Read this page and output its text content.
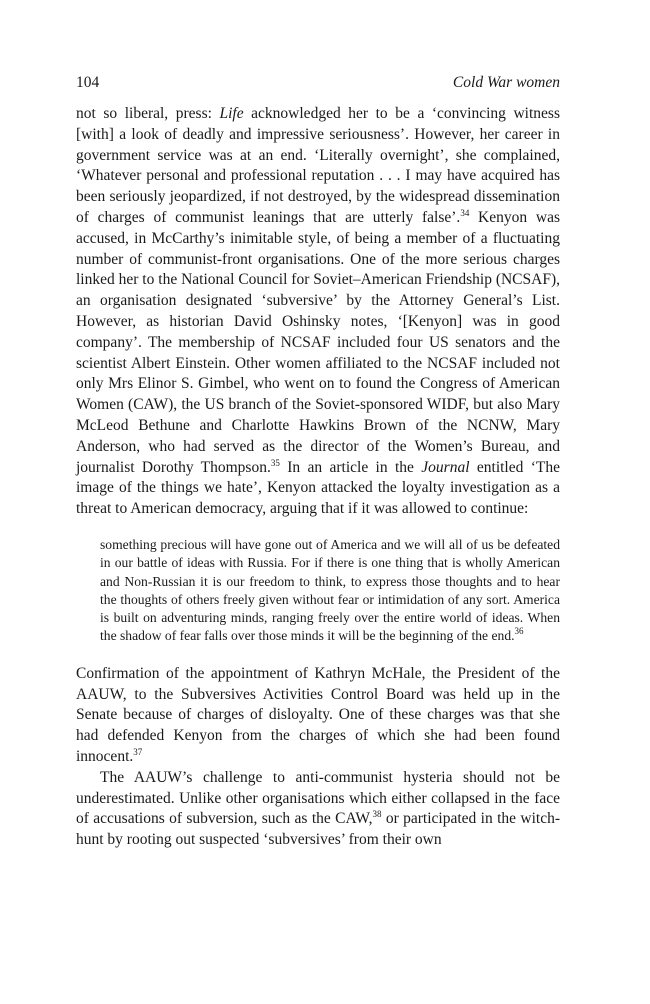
104	Cold War women

not so liberal, press: Life acknowledged her to be a ‘convincing witness [with] a look of deadly and impressive seriousness’. However, her career in government service was at an end. ‘Literally overnight’, she complained, ‘Whatever personal and professional reputation . . . I may have acquired has been seriously jeopardized, if not destroyed, by the widespread dissemination of charges of communist leanings that are utterly false’.$^{34}$ Kenyon was accused, in McCarthy’s inimitable style, of being a member of a fluctuating number of communist-front organisations. One of the more serious charges linked her to the National Council for Soviet–American Friendship (NCSAF), an organisation designated ‘subversive’ by the Attorney General’s List. However, as historian David Oshinsky notes, ‘[Kenyon] was in good company’. The membership of NCSAF included four US senators and the scientist Albert Einstein. Other women affiliated to the NCSAF included not only Mrs Elinor S. Gimbel, who went on to found the Congress of American Women (CAW), the US branch of the Soviet-sponsored WIDF, but also Mary McLeod Bethune and Charlotte Hawkins Brown of the NCNW, Mary Anderson, who had served as the director of the Women’s Bureau, and journalist Dorothy Thompson.$^{35}$ In an article in the Journal entitled ‘The image of the things we hate’, Kenyon attacked the loyalty investigation as a threat to American democracy, arguing that if it was allowed to continue:

something precious will have gone out of America and we will all of us be defeated in our battle of ideas with Russia. For if there is one thing that is wholly American and Non-Russian it is our freedom to think, to express those thoughts and to hear the thoughts of others freely given without fear or intimidation of any sort. America is built on adventuring minds, ranging freely over the entire world of ideas. When the shadow of fear falls over those minds it will be the beginning of the end.$^{36}$

Confirmation of the appointment of Kathryn McHale, the President of the AAUW, to the Subversives Activities Control Board was held up in the Senate because of charges of disloyalty. One of these charges was that she had defended Kenyon from the charges of which she had been found innocent.$^{37}$

The AAUW’s challenge to anti-communist hysteria should not be underestimated. Unlike other organisations which either collapsed in the face of accusations of subversion, such as the CAW,$^{38}$ or participated in the witch-hunt by rooting out suspected ‘subversives’ from their own
